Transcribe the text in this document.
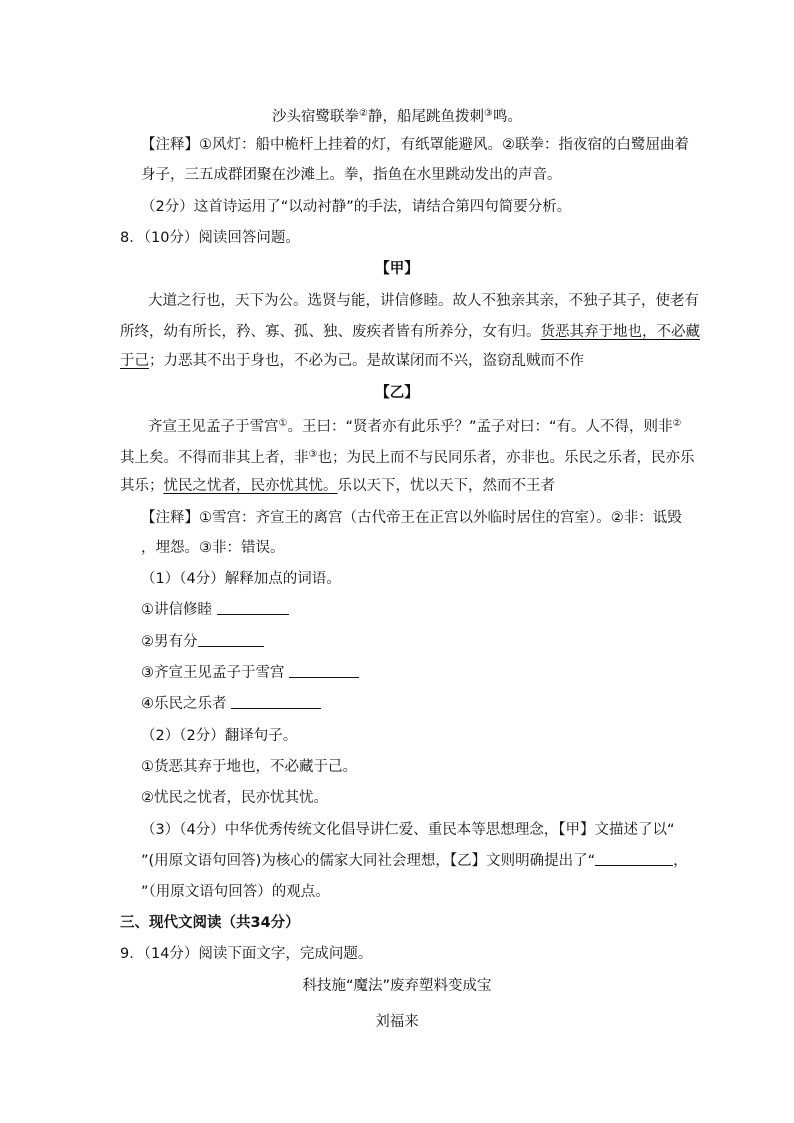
沙头宿鹭联拳②静，船尾跳鱼拨刺③鸣。
【注释】①风灯：船中桅杆上挂着的灯，有纸罩能避风。②联拳：指夜宿的白鹭屈曲着
身子，三五成群团聚在沙滩上。拳，指鱼在水里跳动发出的声音。
（2分）这首诗运用了“以动衬静”的手法，请结合第四句简要分析。
8．（10分）阅读回答问题。
【甲】
大道之行也，天下为公。选贤与能，讲信修睦。故人不独亲其亲，不独子其子，使老有
所终，幼有所长，矜、寡、孤、独、废疾者皆有所养分，女有归。货恶其弃于地也，不必藏
于己；力恶其不出于身也，不必为己。是故谋闭而不兴，盗窃乱贼而不作
【乙】
齐宣王见孟子于雪宫①。王曰：“贤者亦有此乐乎？”孟子对曰：“有。人不得，则非②
其上矣。不得而非其上者，非③也；为民上而不与民同乐者，亦非也。乐民之乐者，民亦乐
其乐；忧民之忧者，民亦忧其忧。乐以天下，忧以天下，然而不王者
【注释】①雪宫：齐宣王的离宫（古代帝王在正宫以外临时居住的宫室）。②非：诋毁
，埋怨。③非：错误。
（1）（4分）解释加点的词语。
①讲信修睦
②男有分
③齐宣王见孟子于雪宫
④乐民之乐者
（2）（2分）翻译句子。
①货恶其弃于地也，不必藏于己。
②忧民之忧者，民亦忧其忧。
（3）（4分）中华优秀传统文化倡导讲仁爱、重民本等思想理念，【甲】文描述了以“
”(用原文语句回答)为核心的儒家大同社会理想，【乙】文则明确提出了“	，
”（用原文语句回答）的观点。
三、现代文阅读（共34分）
9．（14分）阅读下面文字，完成问题。
科技施“魔法”废弃塑料变成宝
刘福来
